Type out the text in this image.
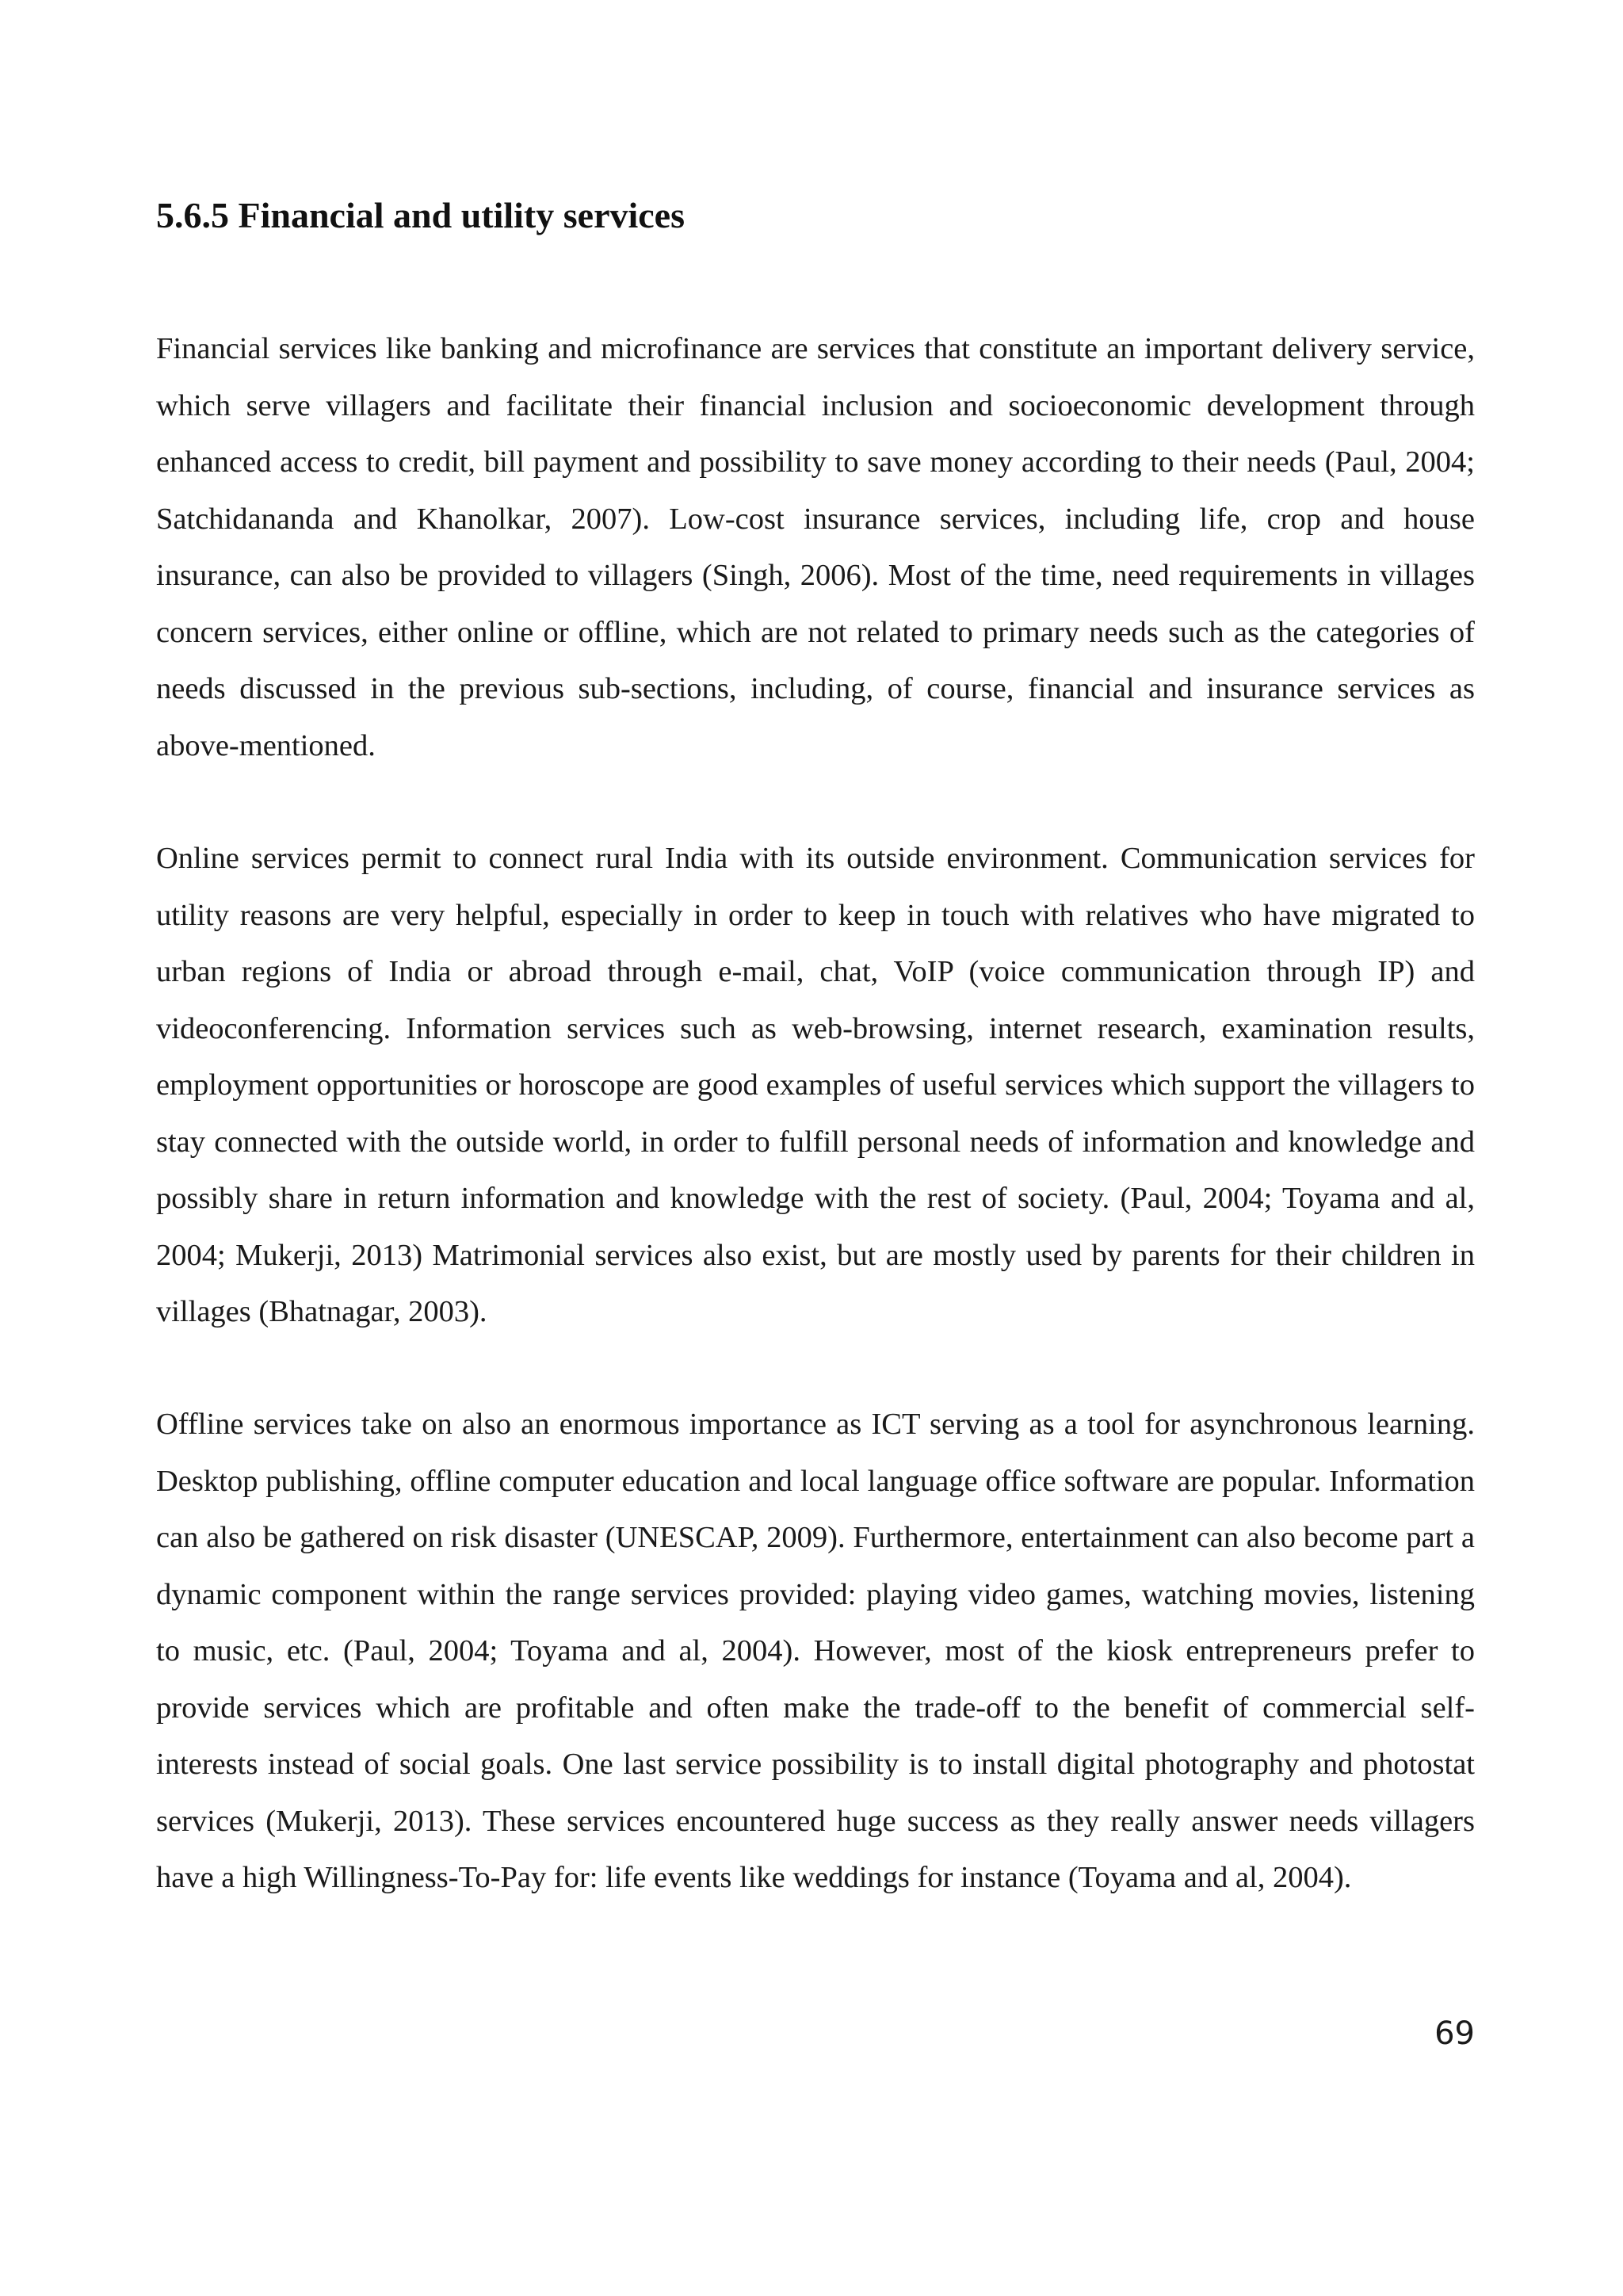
5.6.5 Financial and utility services

Financial services like banking and microfinance are services that constitute an important delivery service, which serve villagers and facilitate their financial inclusion and socioeconomic development through enhanced access to credit, bill payment and possibility to save money according to their needs (Paul, 2004; Satchidananda and Khanolkar, 2007). Low-cost insurance services, including life, crop and house insurance, can also be provided to villagers (Singh, 2006). Most of the time, need requirements in villages concern services, either online or offline, which are not related to primary needs such as the categories of needs discussed in the previous sub-sections, including, of course, financial and insurance services as above-mentioned.

Online services permit to connect rural India with its outside environment. Communication services for utility reasons are very helpful, especially in order to keep in touch with relatives who have migrated to urban regions of India or abroad through e-mail, chat, VoIP (voice communication through IP) and videoconferencing. Information services such as web-browsing, internet research, examination results, employment opportunities or horoscope are good examples of useful services which support the villagers to stay connected with the outside world, in order to fulfill personal needs of information and knowledge and possibly share in return information and knowledge with the rest of society. (Paul, 2004; Toyama and al, 2004; Mukerji, 2013) Matrimonial services also exist, but are mostly used by parents for their children in villages (Bhatnagar, 2003).

Offline services take on also an enormous importance as ICT serving as a tool for asynchronous learning. Desktop publishing, offline computer education and local language office software are popular. Information can also be gathered on risk disaster (UNESCAP, 2009). Furthermore, entertainment can also become part a dynamic component within the range services provided: playing video games, watching movies, listening to music, etc. (Paul, 2004; Toyama and al, 2004). However, most of the kiosk entrepreneurs prefer to provide services which are profitable and often make the trade-off to the benefit of commercial self-interests instead of social goals. One last service possibility is to install digital photography and photostat services (Mukerji, 2013). These services encountered huge success as they really answer needs villagers have a high Willingness-To-Pay for: life events like weddings for instance (Toyama and al, 2004).

69
